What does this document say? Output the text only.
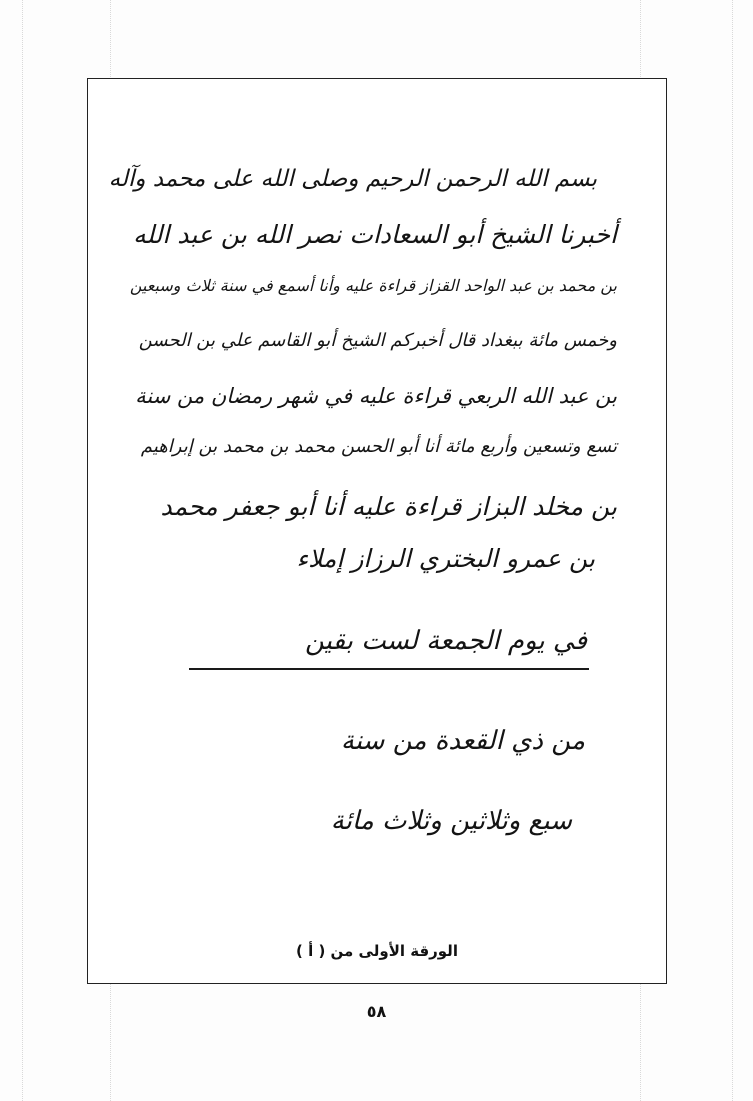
بسم الله الرحمن الرحيم وصلى الله على محمد وآله
أخبرنا الشيخ أبو السعادات نصر الله بن عبد الله
بن محمد بن عبد الواحد القزاز قراءة عليه وأنا أسمع في سنة ثلاث وسبعين
وخمس مائة ببغداد قال أخبركم الشيخ أبو القاسم علي بن الحسن
بن عبد الله الربعي قراءة عليه في شهر رمضان من سنة
تسع وتسعين وأربع مائة أنا أبو الحسن محمد بن محمد بن إبراهيم
بن مخلد البزاز قراءة عليه أنا أبو جعفر محمد
بن عمرو البختري الرزاز إملاء
في يوم الجمعة لست بقين
من ذي القعدة من سنة
سبع وثلاثين وثلاث مائة
الورقة الأولى من ( أ )
٥٨
